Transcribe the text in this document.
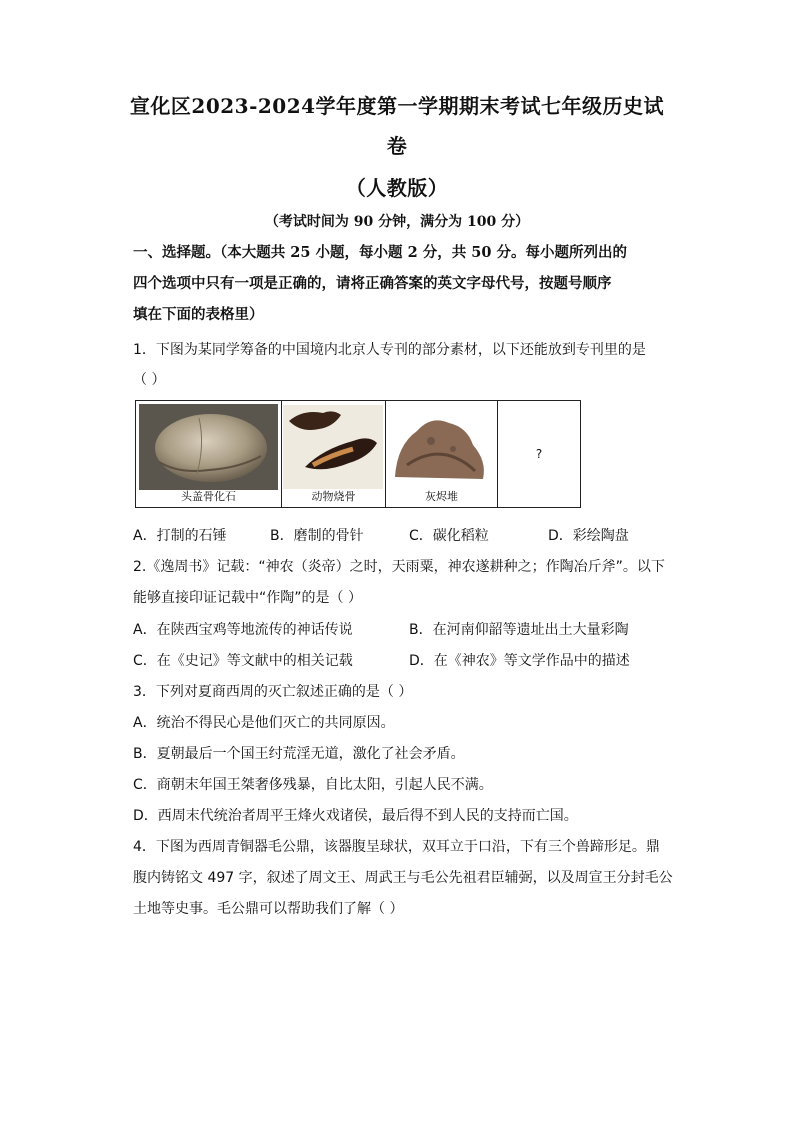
宣化区2023-2024学年度第一学期期末考试七年级历史试
卷
（人教版）
（考试时间为 90 分钟，满分为 100 分）
一、选择题。（本大题共 25 小题，每小题 2 分，共 50 分。每小题所列出的
四个选项中只有一项是正确的，请将正确答案的英文字母代号，按题号顺序
填在下面的表格里）
1．下图为某同学筹备的中国境内北京人专刊的部分素材，以下还能放到专刊里的是
（ ）
头盖骨化石	动物烧骨	灰烬堆

?
A．打制的石锤	B．磨制的骨针	C．碳化稻粒	D．彩绘陶盘
2.《逸周书》记载：“神农（炎帝）之时，天雨粟，神农遂耕种之；作陶冶斤斧”。以下
能够直接印证记载中“作陶”的是（ ）
A．在陕西宝鸡等地流传的神话传说	B．在河南仰韶等遗址出土大量彩陶
C．在《史记》等文献中的相关记载	D．在《神农》等文学作品中的描述
3．下列对夏商西周的灭亡叙述正确的是（ ）
A．统治不得民心是他们灭亡的共同原因。
B．夏朝最后一个国王纣荒淫无道，激化了社会矛盾。
C．商朝末年国王桀奢侈残暴，自比太阳，引起人民不满。
D．西周末代统治者周平王烽火戏诸侯，最后得不到人民的支持而亡国。
4．下图为西周青铜器毛公鼎，该器腹呈球状，双耳立于口沿，下有三个兽蹄形足。鼎
腹内铸铭文 497 字，叙述了周文王、周武王与毛公先祖君臣辅弼，以及周宣王分封毛公
土地等史事。毛公鼎可以帮助我们了解（ ）
